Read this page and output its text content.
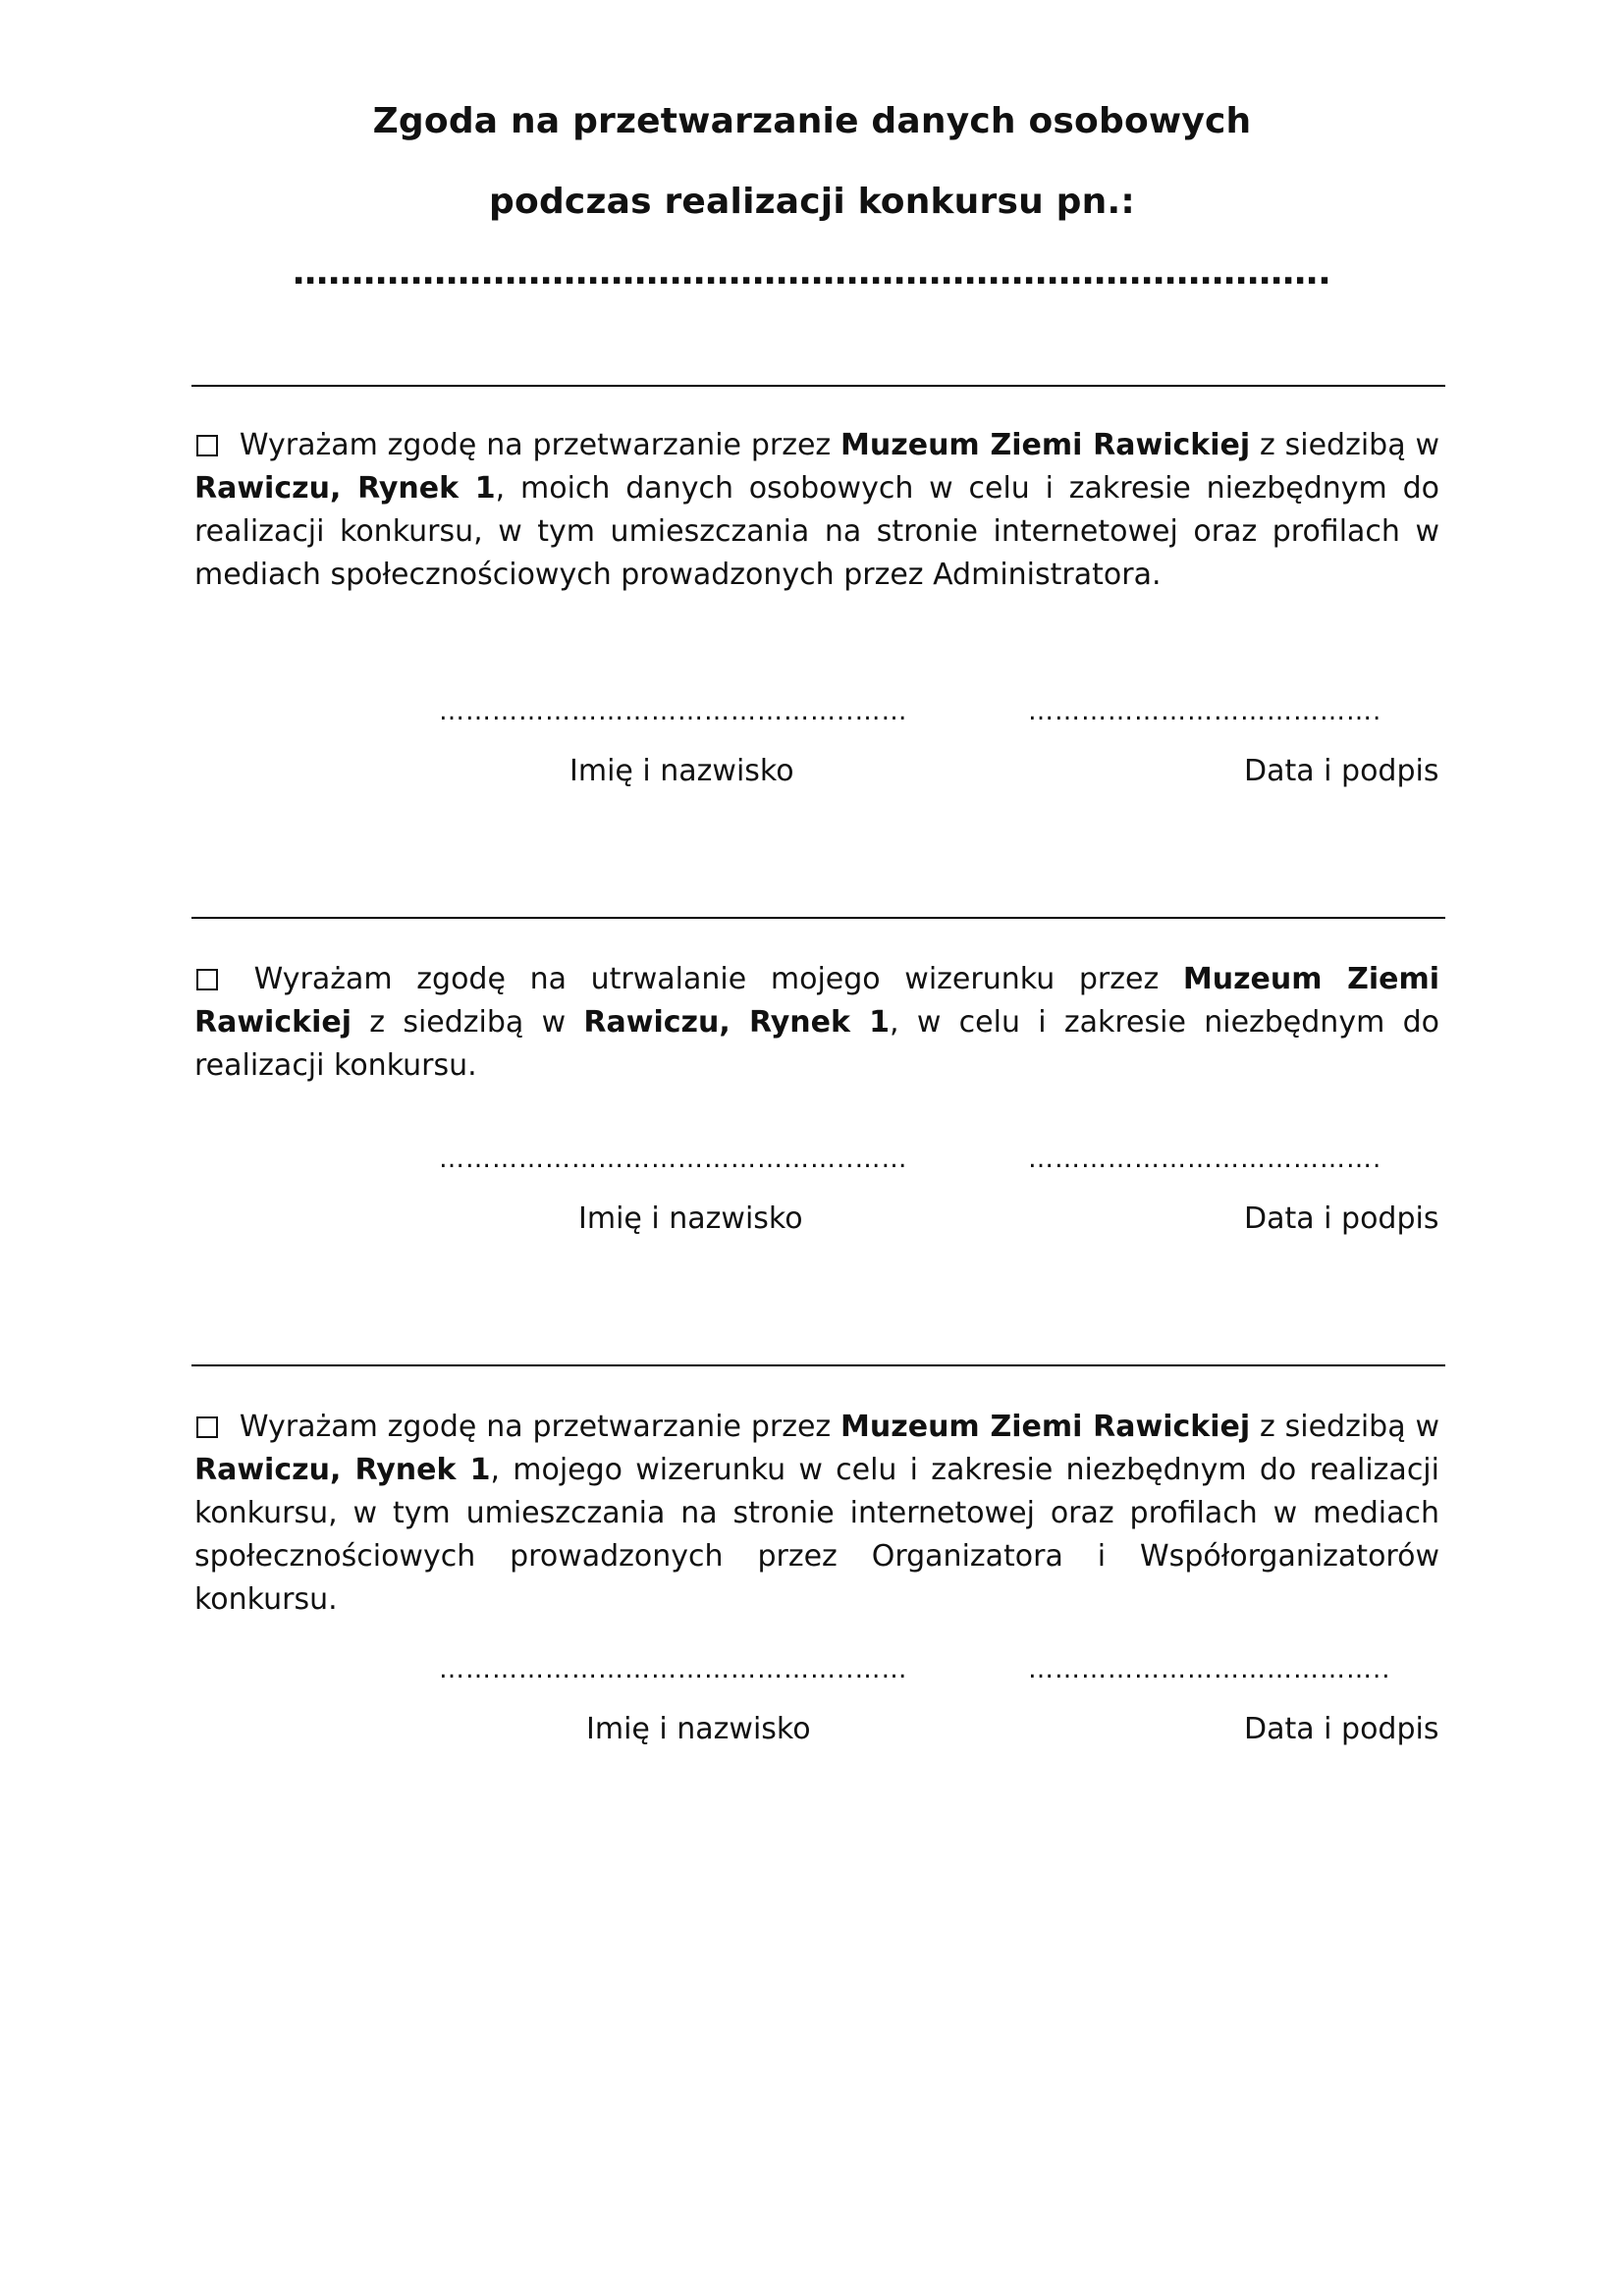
Zgoda na przetwarzanie danych osobowych
podczas realizacji konkursu pn.:
…………………………………………………………………………….
Wyrażam zgodę na przetwarzanie przez Muzeum Ziemi Rawickiej z siedzibą w Rawiczu, Rynek 1, moich danych osobowych w celu i zakresie niezbędnym do realizacji konkursu, w tym umieszczania na stronie internetowej oraz profilach w mediach społecznościowych prowadzonych przez Administratora.
………………………………………..……	………………………………….
Imię i nazwisko	Data i podpis
Wyrażam zgodę na utrwalanie mojego wizerunku przez Muzeum Ziemi Rawickiej z siedzibą w Rawiczu, Rynek 1, w celu i zakresie niezbędnym do realizacji konkursu.
………………………………………..……	………………………………….
Imię i nazwisko	Data i podpis
Wyrażam zgodę na przetwarzanie przez Muzeum Ziemi Rawickiej z siedzibą w Rawiczu, Rynek 1, mojego wizerunku w celu i zakresie niezbędnym do realizacji konkursu, w tym umieszczania na stronie internetowej oraz profilach w mediach społecznościowych prowadzonych przez Organizatora i Współorganizatorów konkursu.
………………………………………..……	…………………………………..
Imię i nazwisko	Data i podpis
